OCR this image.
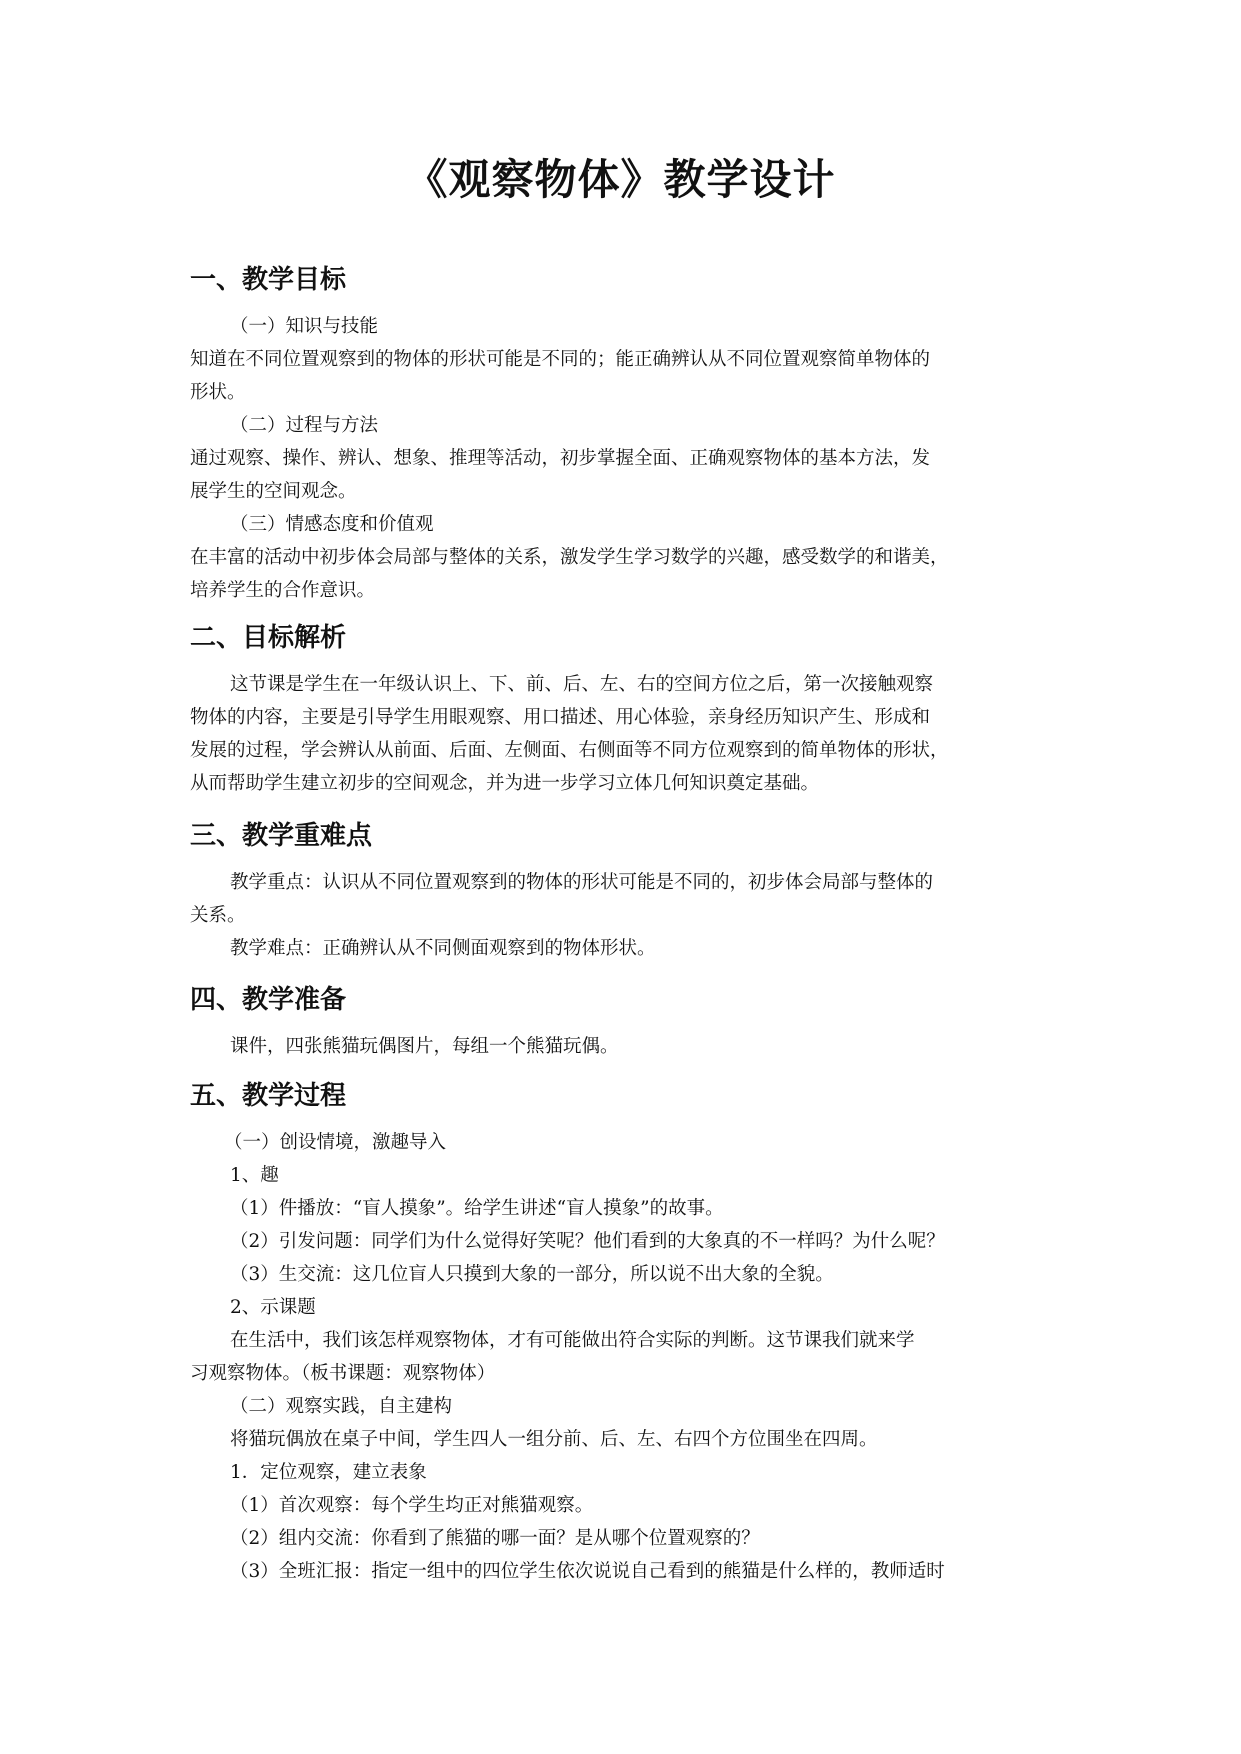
《观察物体》教学设计
一、教学目标
（一）知识与技能
知道在不同位置观察到的物体的形状可能是不同的；能正确辨认从不同位置观察简单物体的
形状。
（二）过程与方法
通过观察、操作、辨认、想象、推理等活动，初步掌握全面、正确观察物体的基本方法，发
展学生的空间观念。
（三）情感态度和价值观
在丰富的活动中初步体会局部与整体的关系，激发学生学习数学的兴趣，感受数学的和谐美，
培养学生的合作意识。
二、目标解析
这节课是学生在一年级认识上、下、前、后、左、右的空间方位之后，第一次接触观察
物体的内容，主要是引导学生用眼观察、用口描述、用心体验，亲身经历知识产生、形成和
发展的过程，学会辨认从前面、后面、左侧面、右侧面等不同方位观察到的简单物体的形状，
从而帮助学生建立初步的空间观念，并为进一步学习立体几何知识奠定基础。
三、教学重难点
教学重点：认识从不同位置观察到的物体的形状可能是不同的，初步体会局部与整体的
关系。
教学难点：正确辨认从不同侧面观察到的物体形状。
四、教学准备
课件，四张熊猫玩偶图片，每组一个熊猫玩偶。
五、教学过程
（一）创设情境，激趣导入
1、趣
（1）件播放：“盲人摸象”。给学生讲述“盲人摸象”的故事。
（2）引发问题：同学们为什么觉得好笑呢？他们看到的大象真的不一样吗？为什么呢？
（3）生交流：这几位盲人只摸到大象的一部分，所以说不出大象的全貌。
2、示课题
在生活中，我们该怎样观察物体，才有可能做出符合实际的判断。这节课我们就来学
习观察物体。（板书课题：观察物体）
（二）观察实践，自主建构
将猫玩偶放在桌子中间，学生四人一组分前、后、左、右四个方位围坐在四周。
1．定位观察，建立表象
（1）首次观察：每个学生均正对熊猫观察。
（2）组内交流：你看到了熊猫的哪一面？是从哪个位置观察的？
（3）全班汇报：指定一组中的四位学生依次说说自己看到的熊猫是什么样的，教师适时
